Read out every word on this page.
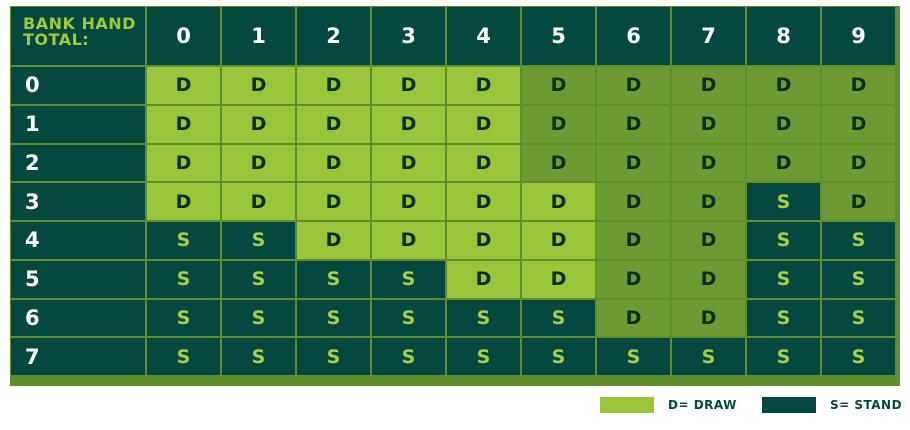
BANK HAND TOTAL:	0	1	2	3	4	5	6	7	8	9
0	D	D	D	D	D	D	D	D	D	D
1	D	D	D	D	D	D	D	D	D	D
2	D	D	D	D	D	D	D	D	D	D
3	D	D	D	D	D	D	D	D	S	D
4	S	S	D	D	D	D	D	D	S	S
5	S	S	S	S	D	D	D	D	S	S
6	S	S	S	S	S	S	D	D	S	S
7	S	S	S	S	S	S	S	S	S	S
D= DRAW	S= STAND
